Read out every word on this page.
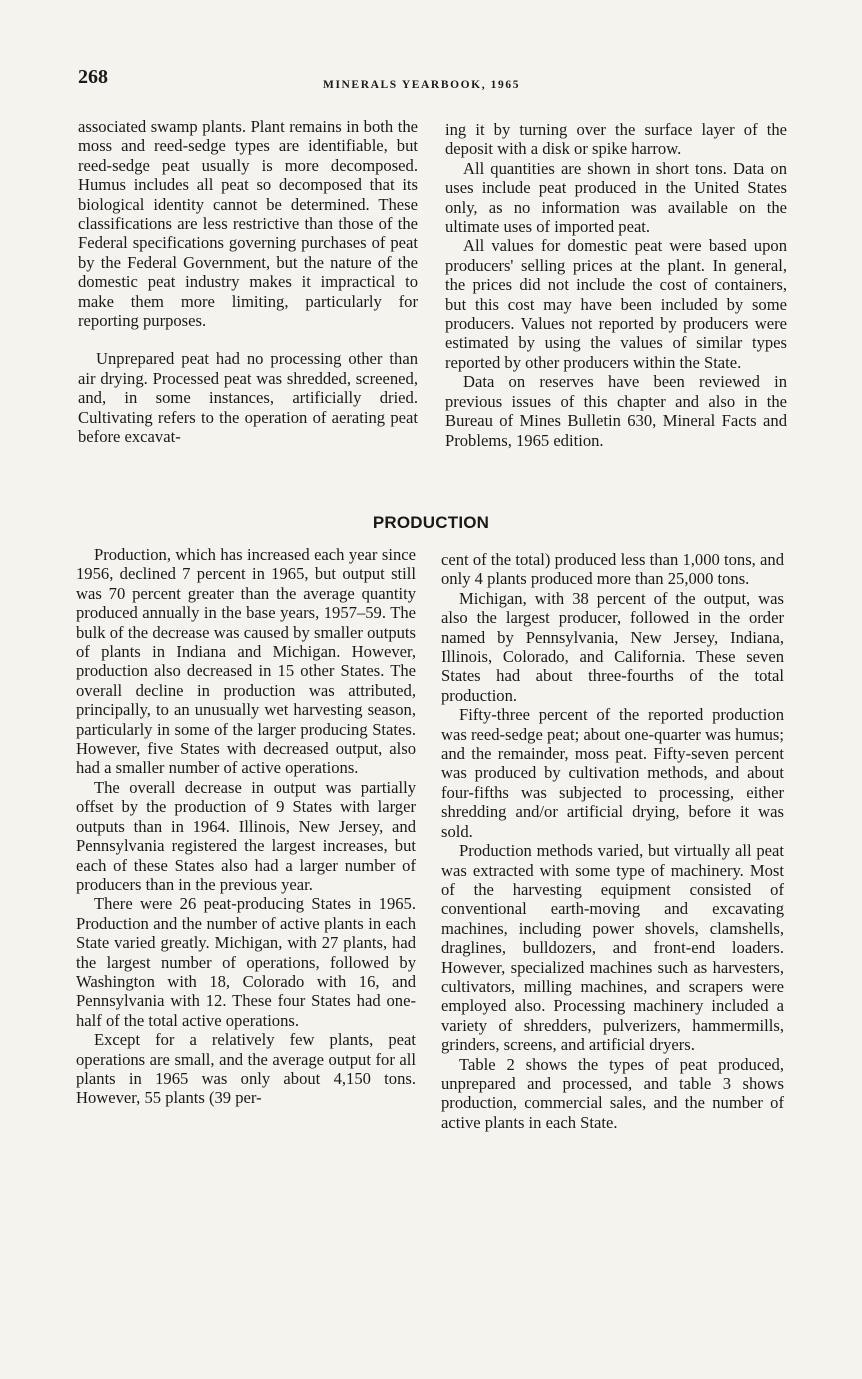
268	MINERALS YEARBOOK, 1965

associated swamp plants. Plant remains in both the moss and reed-sedge types are identifiable, but reed-sedge peat usually is more decomposed. Humus includes all peat so decomposed that its biological identity cannot be determined. These classifications are less restrictive than those of the Federal specifications governing purchases of peat by the Federal Government, but the nature of the domestic peat industry makes it impractical to make them more limiting, particularly for reporting purposes.

Unprepared peat had no processing other than air drying. Processed peat was shredded, screened, and, in some instances, artificially dried. Cultivating refers to the operation of aerating peat before excavat-

ing it by turning over the surface layer of the deposit with a disk or spike harrow.

All quantities are shown in short tons. Data on uses include peat produced in the United States only, as no information was available on the ultimate uses of imported peat.

All values for domestic peat were based upon producers' selling prices at the plant. In general, the prices did not include the cost of containers, but this cost may have been included by some producers. Values not reported by producers were estimated by using the values of similar types reported by other producers within the State.

Data on reserves have been reviewed in previous issues of this chapter and also in the Bureau of Mines Bulletin 630, Mineral Facts and Problems, 1965 edition.

PRODUCTION

Production, which has increased each year since 1956, declined 7 percent in 1965, but output still was 70 percent greater than the average quantity produced annually in the base years, 1957–59. The bulk of the decrease was caused by smaller outputs of plants in Indiana and Michigan. However, production also decreased in 15 other States. The overall decline in production was attributed, principally, to an unusually wet harvesting season, particularly in some of the larger producing States. However, five States with decreased output, also had a smaller number of active operations.

The overall decrease in output was partially offset by the production of 9 States with larger outputs than in 1964. Illinois, New Jersey, and Pennsylvania registered the largest increases, but each of these States also had a larger number of producers than in the previous year.

There were 26 peat-producing States in 1965. Production and the number of active plants in each State varied greatly. Michigan, with 27 plants, had the largest number of operations, followed by Washington with 18, Colorado with 16, and Pennsylvania with 12. These four States had one-half of the total active operations.

Except for a relatively few plants, peat operations are small, and the average output for all plants in 1965 was only about 4,150 tons. However, 55 plants (39 per-

cent of the total) produced less than 1,000 tons, and only 4 plants produced more than 25,000 tons.

Michigan, with 38 percent of the output, was also the largest producer, followed in the order named by Pennsylvania, New Jersey, Indiana, Illinois, Colorado, and California. These seven States had about three-fourths of the total production.

Fifty-three percent of the reported production was reed-sedge peat; about one-quarter was humus; and the remainder, moss peat. Fifty-seven percent was produced by cultivation methods, and about four-fifths was subjected to processing, either shredding and/or artificial drying, before it was sold.

Production methods varied, but virtually all peat was extracted with some type of machinery. Most of the harvesting equipment consisted of conventional earth-moving and excavating machines, including power shovels, clamshells, draglines, bulldozers, and front-end loaders. However, specialized machines such as harvesters, cultivators, milling machines, and scrapers were employed also. Processing machinery included a variety of shredders, pulverizers, hammermills, grinders, screens, and artificial dryers.

Table 2 shows the types of peat produced, unprepared and processed, and table 3 shows production, commercial sales, and the number of active plants in each State.
